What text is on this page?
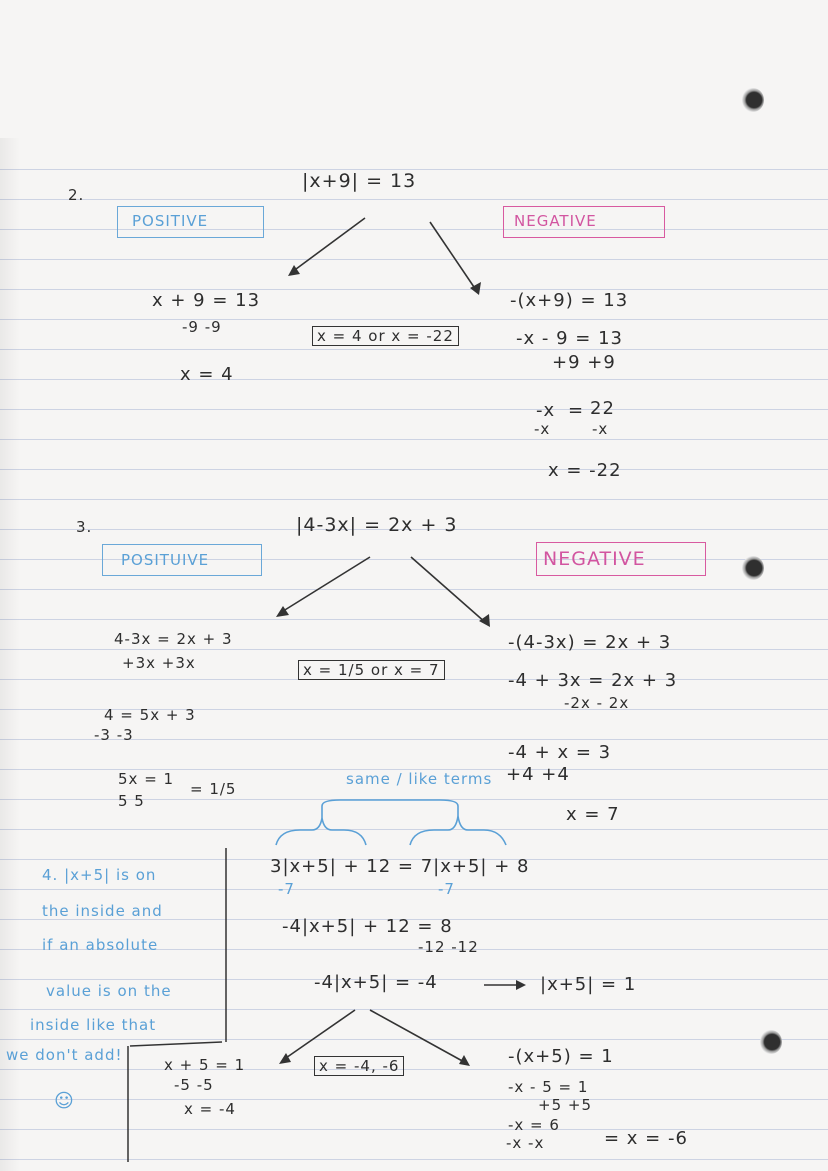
2.
|x+9| = 13
POSITIVE	NEGATIVE
x + 9 = 13
-9 -9
x = 4
x = 4 or x = -22
-(x+9) = 13
-x - 9 = 13
+9 +9
-x = 22
-x	-x
x = -22
3.	|4-3x| = 2x + 3
POSITUIVE	NEGATIVE
4-3x = 2x + 3
+3x +3x
4 = 5x + 3
-3 -3
5x = 1
5 5
= 1/5
x = 1/5 or x = 7
-(4-3x) = 2x + 3
-4 + 3x = 2x + 3
-2x - 2x
-4 + x = 3
+4 +4
x = 7
same / like terms
4. |x+5| is on
the inside and
if an absolute
value is on the
inside like that
we don't add!
☺
3|x+5| + 12 = 7|x+5| + 8
-7	-7
-4|x+5| + 12 = 8
-12 -12
-4|x+5| = -4	|x+5| = 1
x = -4, -6
x + 5 = 1
-5 -5
x = -4
-(x+5) = 1
-x - 5 = 1
+5 +5
-x = 6
-x -x	= x = -6
